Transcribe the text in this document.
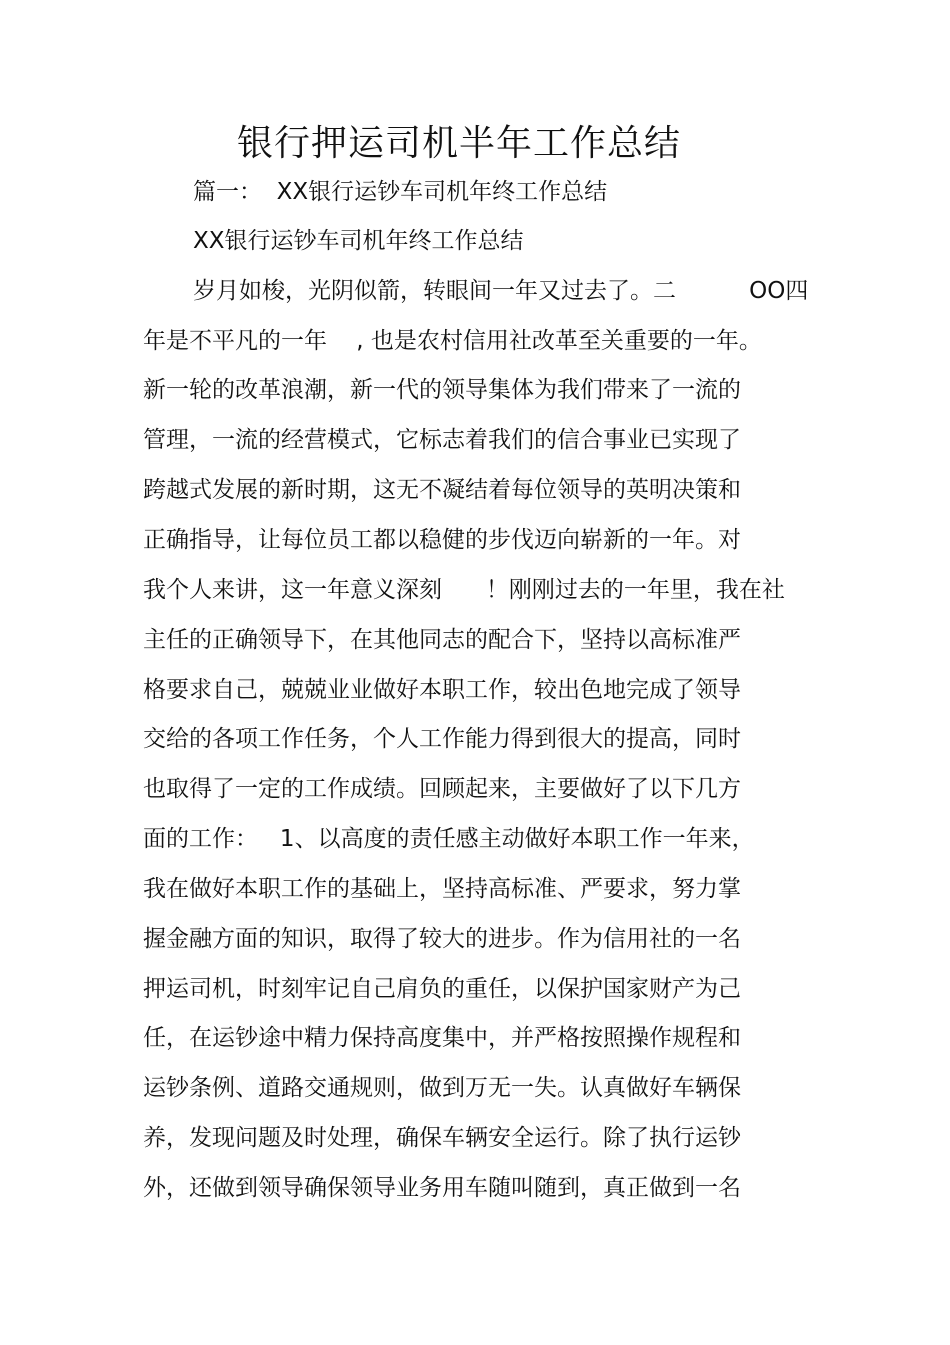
银行押运司机半年工作总结
篇一：  XX银行运钞车司机年终工作总结
XX银行运钞车司机年终工作总结
岁月如梭，光阴似箭，转眼间一年又过去了。二          OO四
年是不平凡的一年    , 也是农村信用社改革至关重要的一年。
新一轮的改革浪潮，新一代的领导集体为我们带来了一流的
管理，一流的经营模式，它标志着我们的信合事业已实现了
跨越式发展的新时期，这无不凝结着每位领导的英明决策和
正确指导，让每位员工都以稳健的步伐迈向崭新的一年。对
我个人来讲，这一年意义深刻      ！刚刚过去的一年里，我在社
主任的正确领导下，在其他同志的配合下，坚持以高标准严
格要求自己，兢兢业业做好本职工作，较出色地完成了领导
交给的各项工作任务，个人工作能力得到很大的提高，同时
也取得了一定的工作成绩。回顾起来，主要做好了以下几方
面的工作：   1、以高度的责任感主动做好本职工作一年来，
我在做好本职工作的基础上，坚持高标准、严要求，努力掌
握金融方面的知识，取得了较大的进步。作为信用社的一名
押运司机，时刻牢记自己肩负的重任，以保护国家财产为己
任，在运钞途中精力保持高度集中，并严格按照操作规程和
运钞条例、道路交通规则，做到万无一失。认真做好车辆保
养，发现问题及时处理，确保车辆安全运行。除了执行运钞
外，还做到领导确保领导业务用车随叫随到，真正做到一名
